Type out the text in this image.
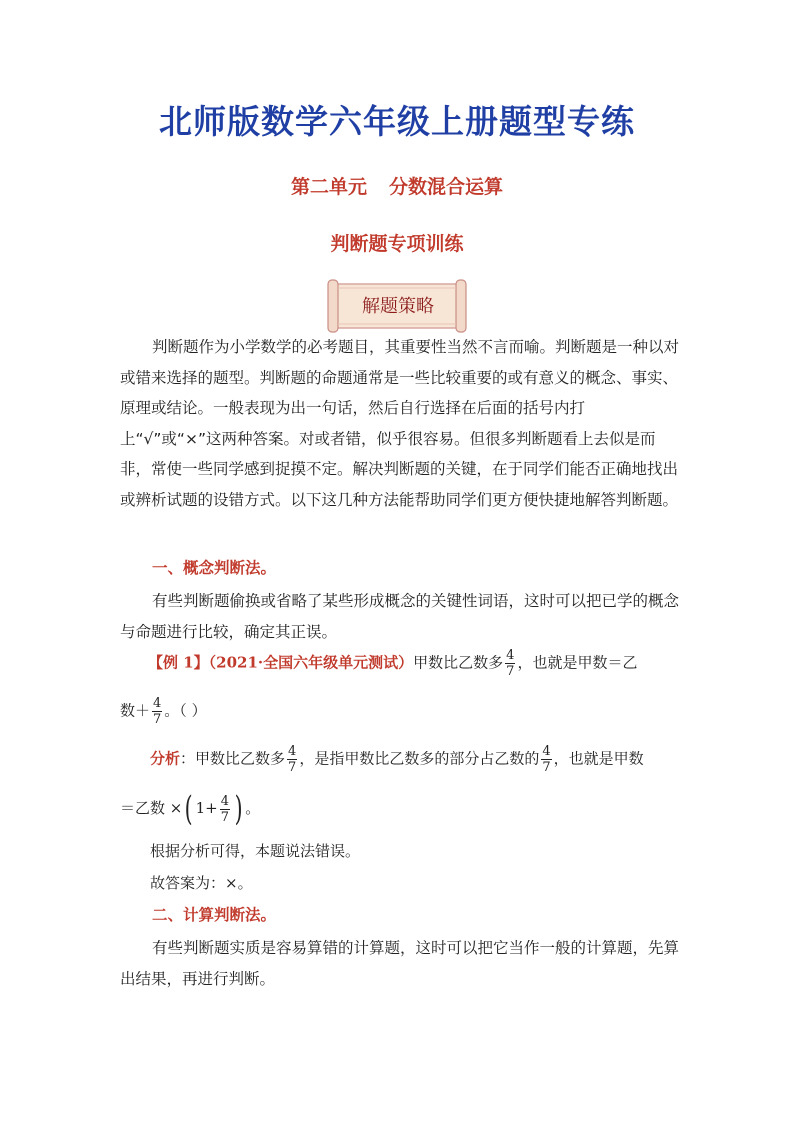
北师版数学六年级上册题型专练
第二单元 分数混合运算
判断题专项训练
解题策略
判断题作为小学数学的必考题目，其重要性当然不言而喻。判断题是一种以对或错来选择的题型。判断题的命题通常是一些比较重要的或有意义的概念、事实、原理或结论。一般表现为出一句话，然后自行选择在后面的括号内打上“√”或“×”这两种答案。对或者错，似乎很容易。但很多判断题看上去似是而非，常使一些同学感到捉摸不定。解决判断题的关键，在于同学们能否正确地找出或辨析试题的设错方式。以下这几种方法能帮助同学们更方便快捷地解答判断题。
一、概念判断法。
有些判断题偷换或省略了某些形成概念的关键性词语，这时可以把已学的概念与命题进行比较，确定其正误。
【例 1】（2021·全国六年级单元测试）甲数比乙数多 $\frac{4}{7}$ ，也就是甲数＝乙
数＋ $\frac{4}{7}$ 。（ ）
分析：甲数比乙数多 $\frac{4}{7}$ ，是指甲数比乙数多的部分占乙数的 $\frac{4}{7}$ ，也就是甲数
＝乙数 ×( $1+ \frac{4}{7}$ ) 。
根据分析可得，本题说法错误。
故答案为：×。
二、计算判断法。
有些判断题实质是容易算错的计算题，这时可以把它当作一般的计算题，先算出结果，再进行判断。
